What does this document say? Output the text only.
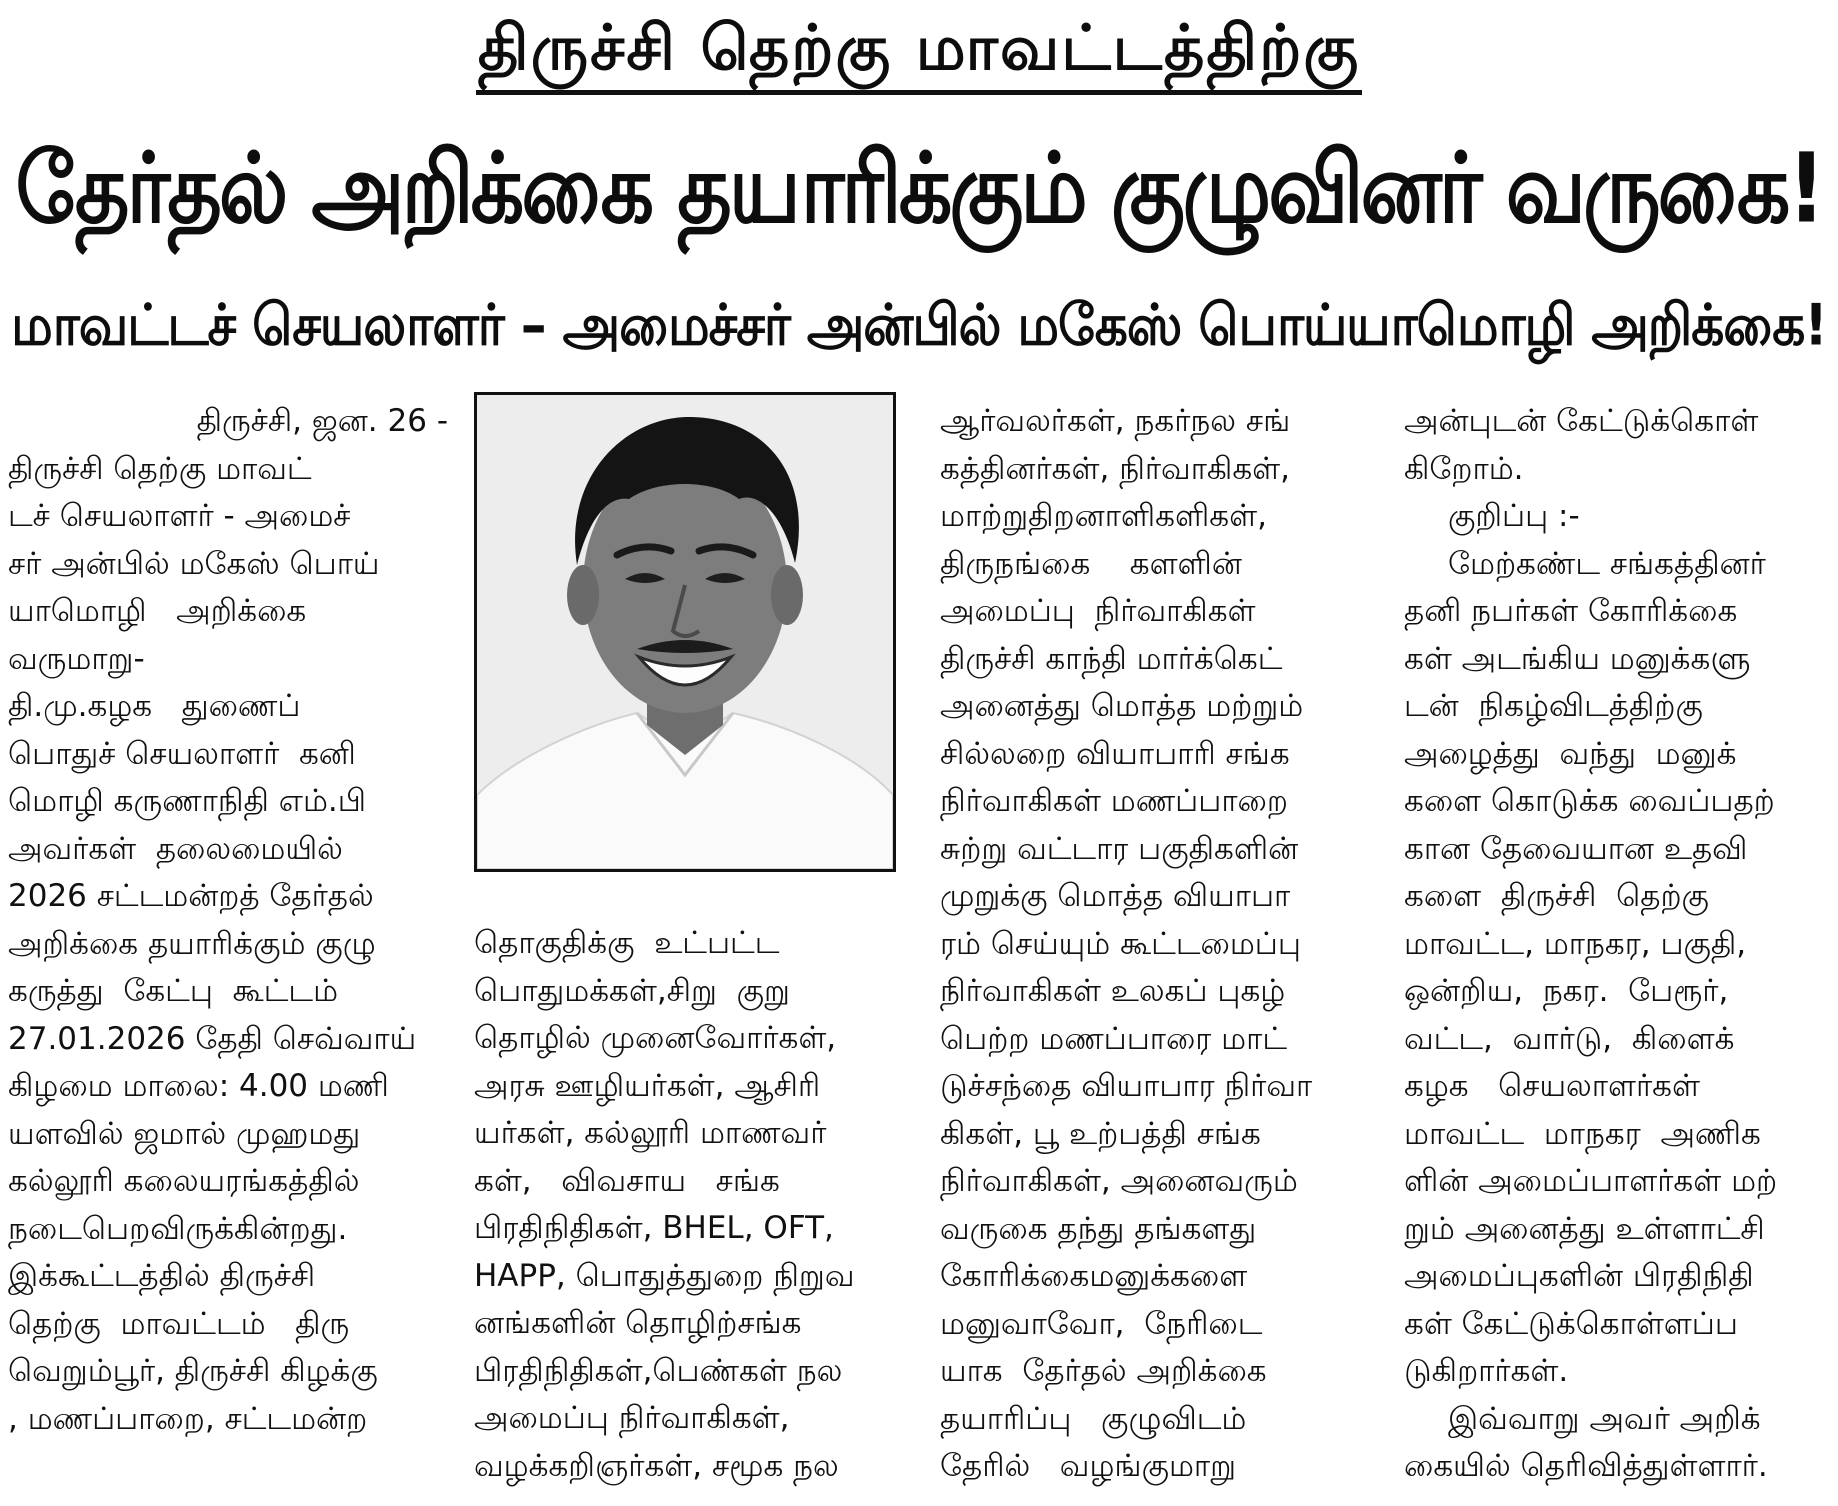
திருச்சி தெற்கு மாவட்டத்திற்கு
தேர்தல் அறிக்கை தயாரிக்கும் குழுவினர் வருகை!
மாவட்டச் செயலாளர் – அமைச்சர் அன்பில் மகேஸ் பொய்யாமொழி அறிக்கை!

திருச்சி, ஜன. 26 -

திருச்சி தெற்கு மாவட்

டச் செயலாளர் - அமைச்

சர் அன்பில் மகேஸ் பொய்

யாமொழி   அறிக்கை

வருமாறு-

தி.மு.கழக   துணைப்

பொதுச் செயலாளர்  கனி

மொழி கருணாநிதி எம்.பி

அவர்கள்  தலைமையில்

2026 சட்டமன்றத் தேர்தல்

அறிக்கை தயாரிக்கும் குழு

கருத்து  கேட்பு  கூட்டம்

27.01.2026 தேதி செவ்வாய்

கிழமை மாலை: 4.00 மணி

யளவில் ஜமால் முஹமது

கல்லூரி கலையரங்கத்தில்

நடைபெறவிருக்கின்றது.

இக்கூட்டத்தில் திருச்சி

தெற்கு  மாவட்டம்   திரு

வெறும்பூர், திருச்சி கிழக்கு

, மணப்பாறை, சட்டமன்ற

தொகுதிக்கு  உட்பட்ட

பொதுமக்கள்,சிறு  குறு

தொழில் முனைவோர்கள்,

அரசு ஊழியர்கள், ஆசிரி

யர்கள், கல்லூரி மாணவர்

கள்,   விவசாய   சங்க

பிரதிநிதிகள், BHEL, OFT,

HAPP, பொதுத்துறை நிறுவ

னங்களின் தொழிற்சங்க

பிரதிநிதிகள்,பெண்கள் நல

அமைப்பு நிர்வாகிகள்,

வழக்கறிஞர்கள், சமூக நல

ஆர்வலர்கள், நகர்நல சங்

கத்தினர்கள், நிர்வாகிகள்,

மாற்றுதிறனாளிகளிகள்,

திருநங்கை    களளின்

அமைப்பு  நிர்வாகிகள்

திருச்சி காந்தி மார்க்கெட்

அனைத்து மொத்த மற்றும்

சில்லறை வியாபாரி சங்க

நிர்வாகிகள் மணப்பாறை

சுற்று வட்டார பகுதிகளின்

முறுக்கு மொத்த வியாபா

ரம் செய்யும் கூட்டமைப்பு

நிர்வாகிகள் உலகப் புகழ்

பெற்ற மணப்பாரை மாட்

டுச்சந்தை வியாபார நிர்வா

கிகள், பூ உற்பத்தி சங்க

நிர்வாகிகள், அனைவரும்

வருகை தந்து தங்களது

கோரிக்கைமனுக்களை

மனுவாவோ,  நேரிடை

யாக  தேர்தல் அறிக்கை

தயாரிப்பு   குழுவிடம்

தேரில்   வழங்குமாறு

அன்புடன் கேட்டுக்கொள்

கிறோம்.

குறிப்பு :-

மேற்கண்ட சங்கத்தினர்

தனி நபர்கள் கோரிக்கை

கள் அடங்கிய மனுக்களு

டன்  நிகழ்விடத்திற்கு

அழைத்து  வந்து  மனுக்

களை கொடுக்க வைப்பதற்

கான தேவையான உதவி

களை  திருச்சி  தெற்கு

மாவட்ட, மாநகர, பகுதி,

ஒன்றிய,  நகர.  பேரூர்,

வட்ட,  வார்டு,  கிளைக்

கழக   செயலாளர்கள்

மாவட்ட  மாநகர  அணிக

ளின் அமைப்பாளர்கள் மற்

றும் அனைத்து உள்ளாட்சி

அமைப்புகளின் பிரதிநிதி

கள் கேட்டுக்கொள்ளப்ப

டுகிறார்கள்.

இவ்வாறு அவர் அறிக்

கையில் தெரிவித்துள்ளார்.
